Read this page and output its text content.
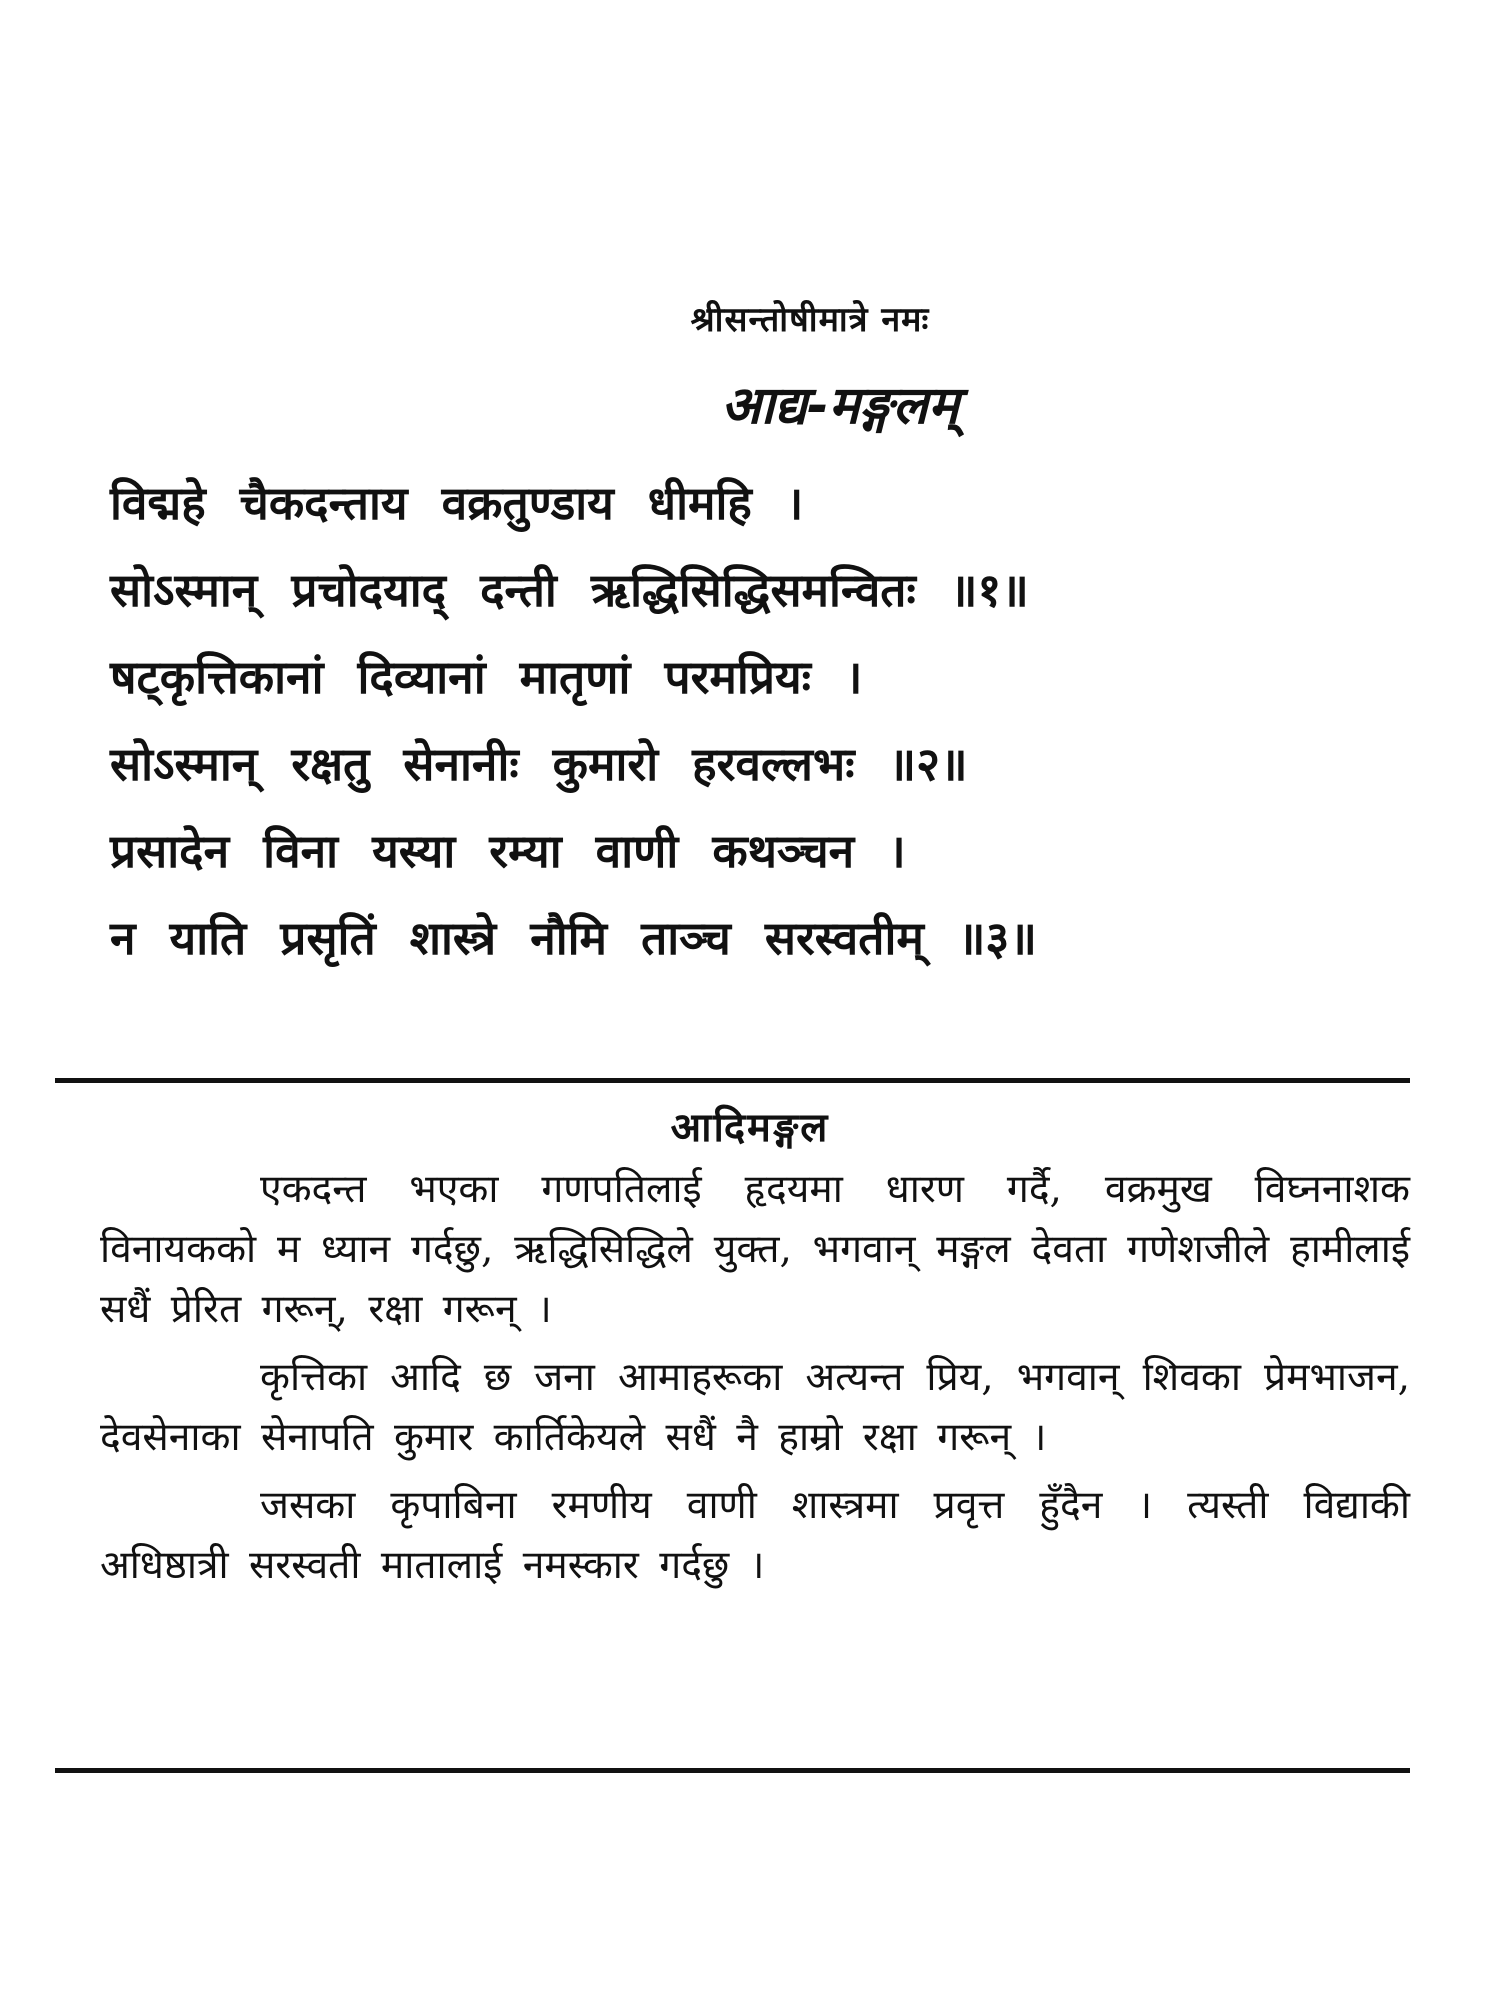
श्रीसन्तोषीमात्रे नमः
आद्य-मङ्गलम्
विद्महे चैकदन्ताय वक्रतुण्डाय धीमहि ।
सोऽस्मान् प्रचोदयाद् दन्ती ऋद्धिसिद्धिसमन्वितः ॥१॥
षट्कृत्तिकानां दिव्यानां मातृणां परमप्रियः ।
सोऽस्मान् रक्षतु सेनानीः कुमारो हरवल्लभः ॥२॥
प्रसादेन विना यस्या रम्या वाणी कथञ्चन ।
न याति प्रसृतिं शास्त्रे नौमि ताञ्च सरस्वतीम् ॥३॥
आदिमङ्गल

एकदन्त भएका गणपतिलाई हृदयमा धारण गर्दै, वक्रमुख विघ्ननाशक विनायकको म ध्यान गर्दछु, ऋद्धिसिद्धिले युक्त, भगवान् मङ्गल देवता गणेशजीले हामीलाई सधैं प्रेरित गरून्, रक्षा गरून् ।

कृत्तिका आदि छ जना आमाहरूका अत्यन्त प्रिय, भगवान् शिवका प्रेमभाजन, देवसेनाका सेनापति कुमार कार्तिकेयले सधैं नै हाम्रो रक्षा गरून् ।

जसका कृपाबिना रमणीय वाणी शास्त्रमा प्रवृत्त हुँदैन । त्यस्ती विद्याकी अधिष्ठात्री सरस्वती मातालाई नमस्कार गर्दछु ।
